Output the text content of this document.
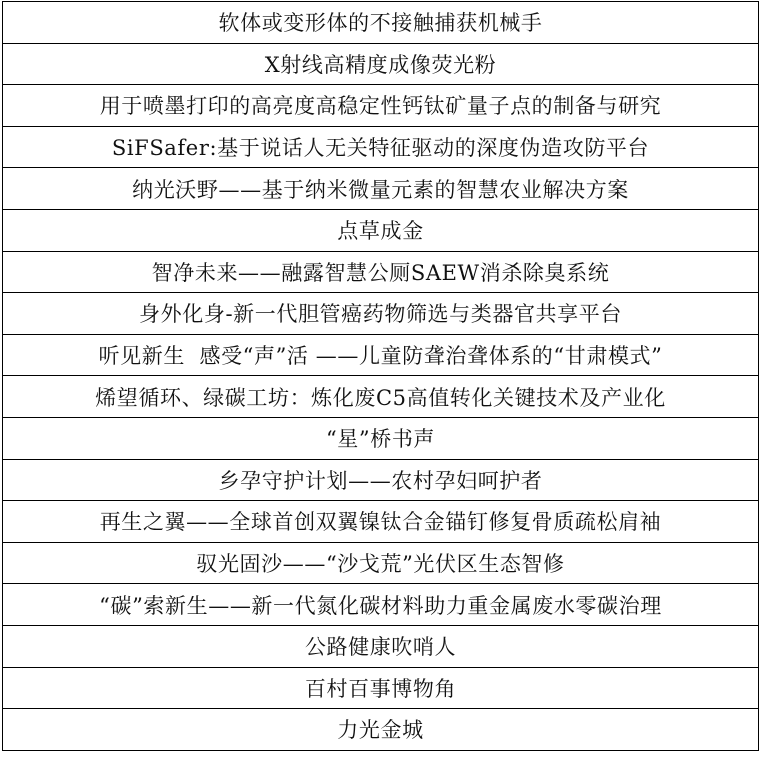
软体或变形体的不接触捕获机械手
X射线高精度成像荧光粉
用于喷墨打印的高亮度高稳定性钙钛矿量子点的制备与研究
SiFSafer:基于说话人无关特征驱动的深度伪造攻防平台
纳光沃野——基于纳米微量元素的智慧农业解决方案
点草成金
智净未来——融露智慧公厕SAEW消杀除臭系统
身外化身-新一代胆管癌药物筛选与类器官共享平台
听见新生  感受“声”活 ——儿童防聋治聋体系的“甘肃模式”
烯望循环、绿碳工坊：炼化废C5高值转化关键技术及产业化
“星”桥书声
乡孕守护计划——农村孕妇呵护者
再生之翼——全球首创双翼镍钛合金锚钉修复骨质疏松肩袖
驭光固沙——“沙戈荒”光伏区生态智修
“碳”索新生——新一代氮化碳材料助力重金属废水零碳治理
公路健康吹哨人
百村百事博物角
力光金城
